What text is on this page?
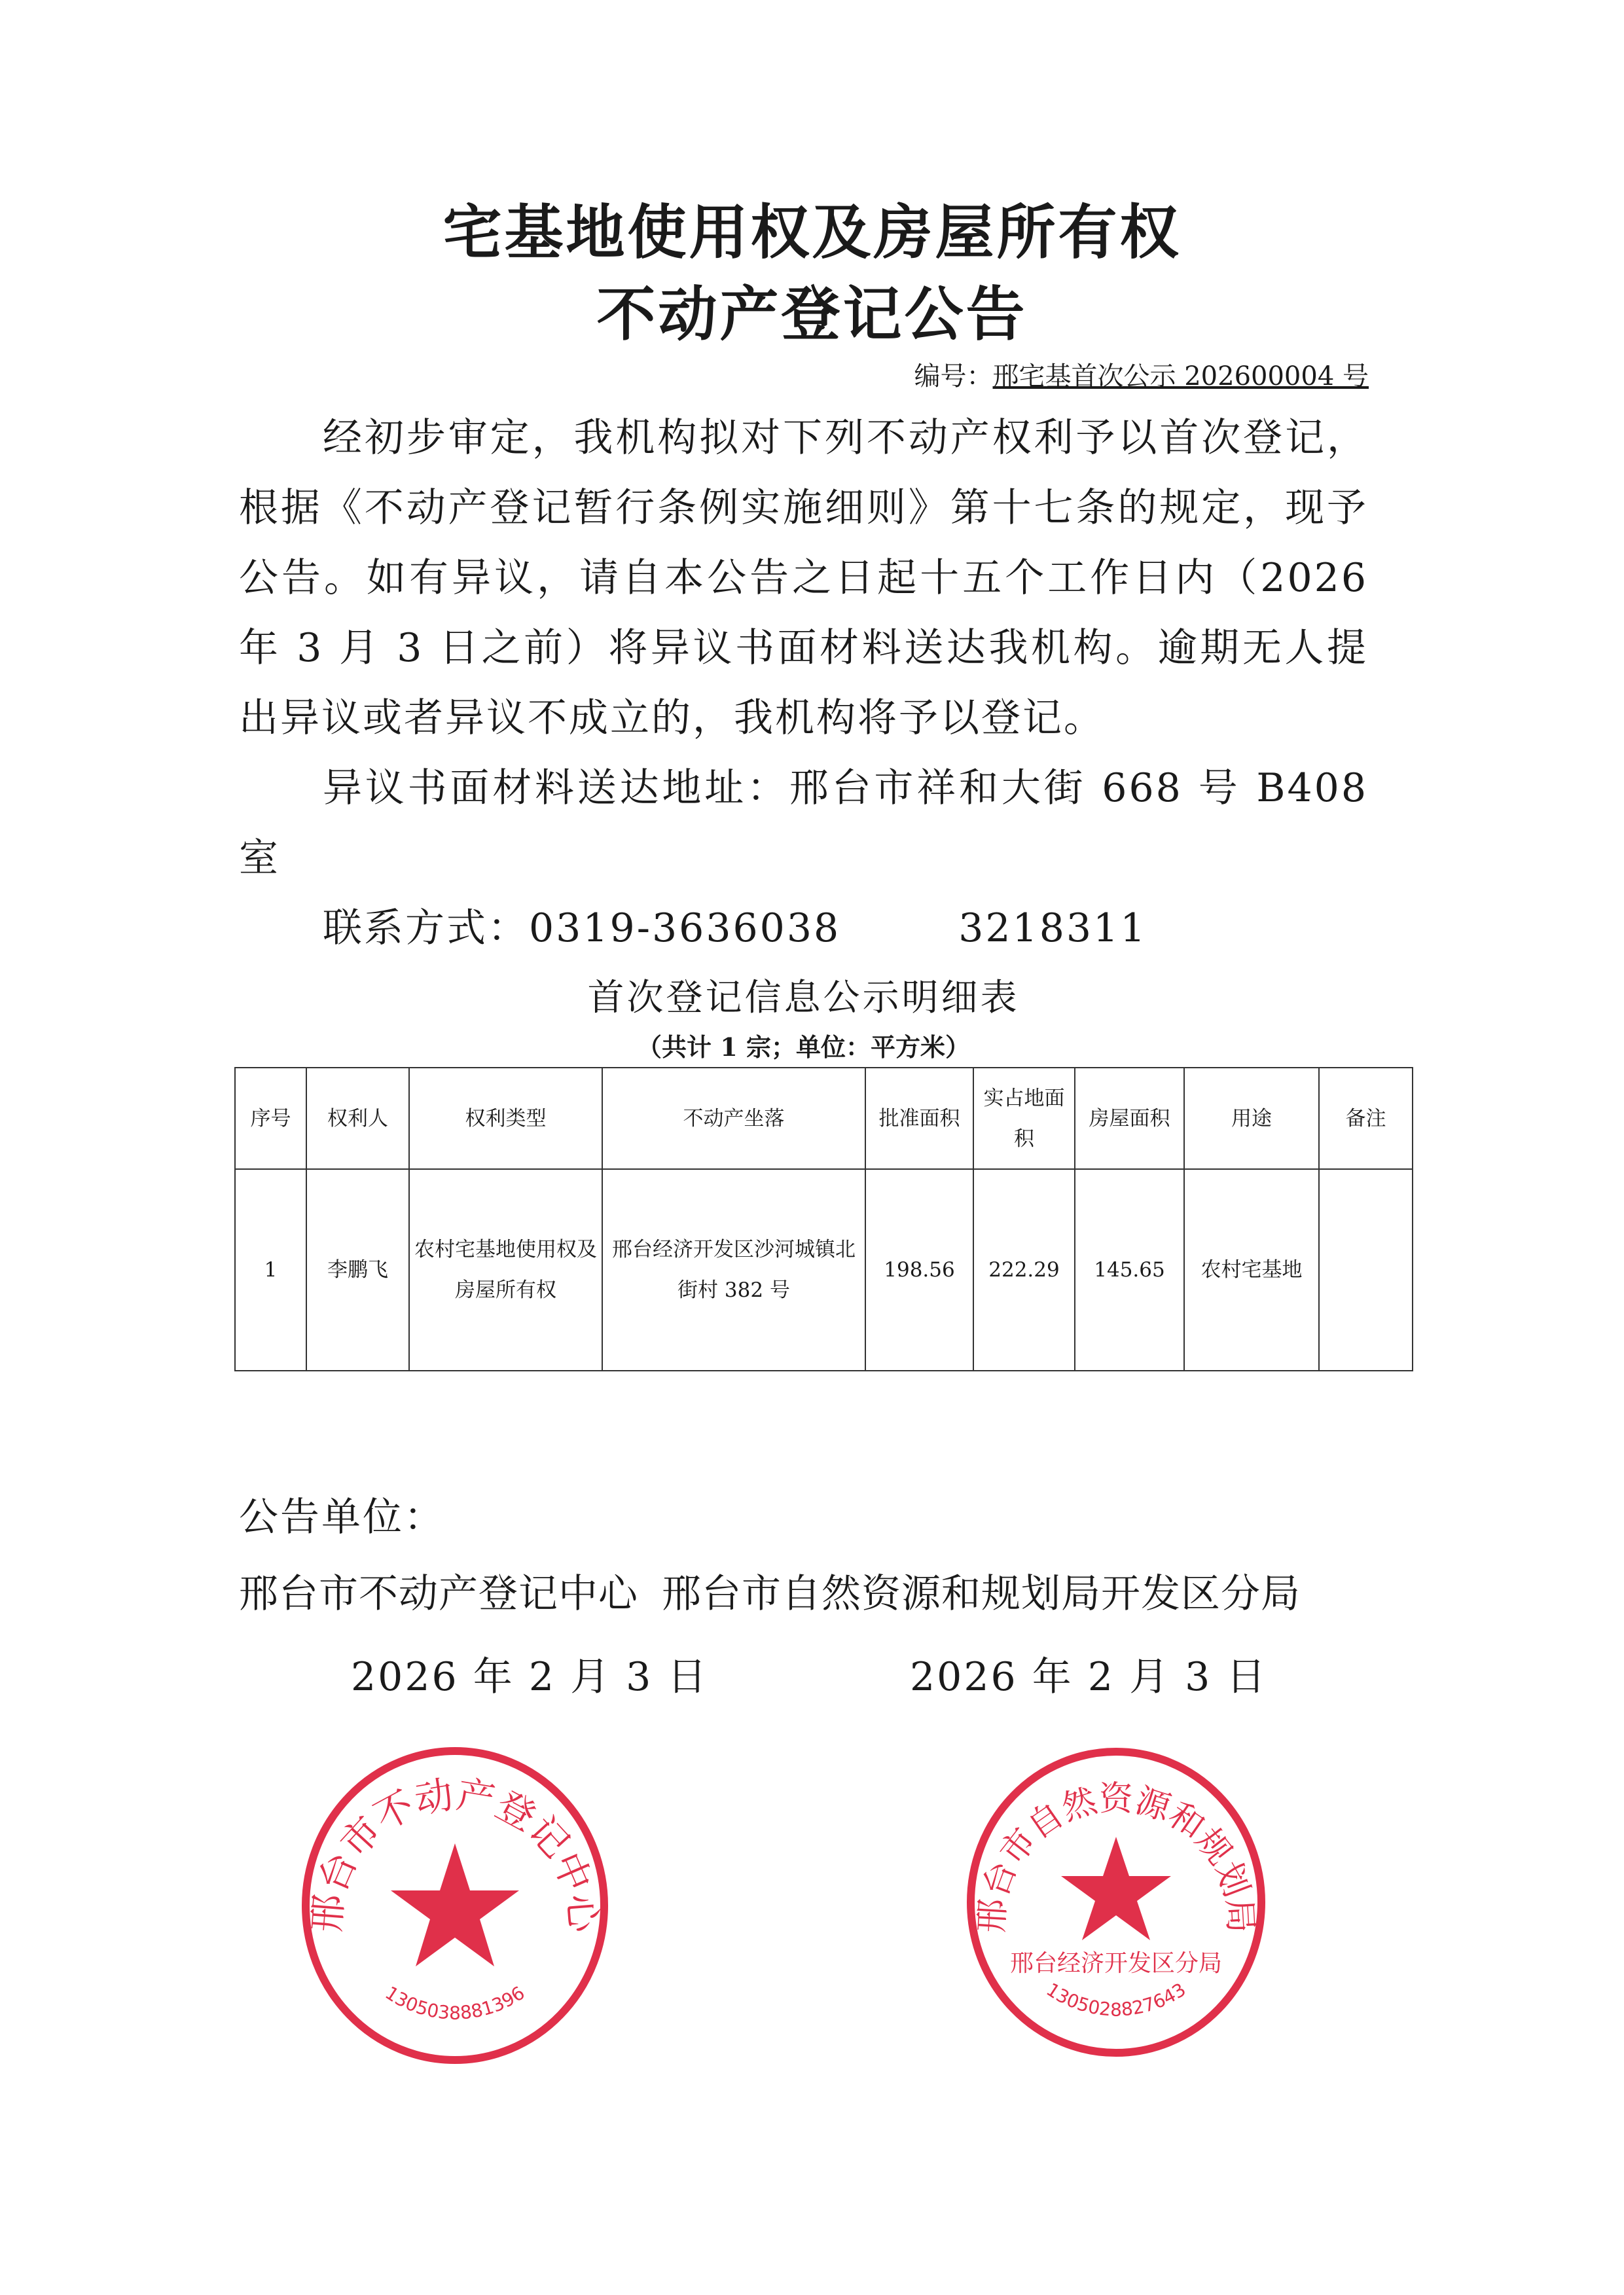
宅基地使用权及房屋所有权
不动产登记公告
编号：邢宅基首次公示 202600004 号

经初步审定，我机构拟对下列不动产权利予以首次登记，根据《不动产登记暂行条例实施细则》第十七条的规定，现予公告。如有异议，请自本公告之日起十五个工作日内（2026 年 3 月 3 日之前）将异议书面材料送达我机构。逾期无人提出异议或者异议不成立的，我机构将予以登记。

异议书面材料送达地址：邢台市祥和大街 668 号 B408 室

联系方式：0319-3636038	3218311
首次登记信息公示明细表
（共计 1 宗；单位：平方米）
序号	权利人	权利类型	不动产坐落	批准面积	实占地面积	房屋面积	用途	备注
1	李鹏飞	农村宅基地使用权及房屋所有权	邢台经济开发区沙河城镇北街村 382 号	198.56	222.29	145.65	农村宅基地	
公告单位：
邢台市不动产登记中心 邢台市自然资源和规划局开发区分局
2026 年 2 月 3 日	2026 年 2 月 3 日
邢台市不动产登记中心
1305038881396
邢台经济开发区分局
邢台市自然资源和规划局
1305028827643
